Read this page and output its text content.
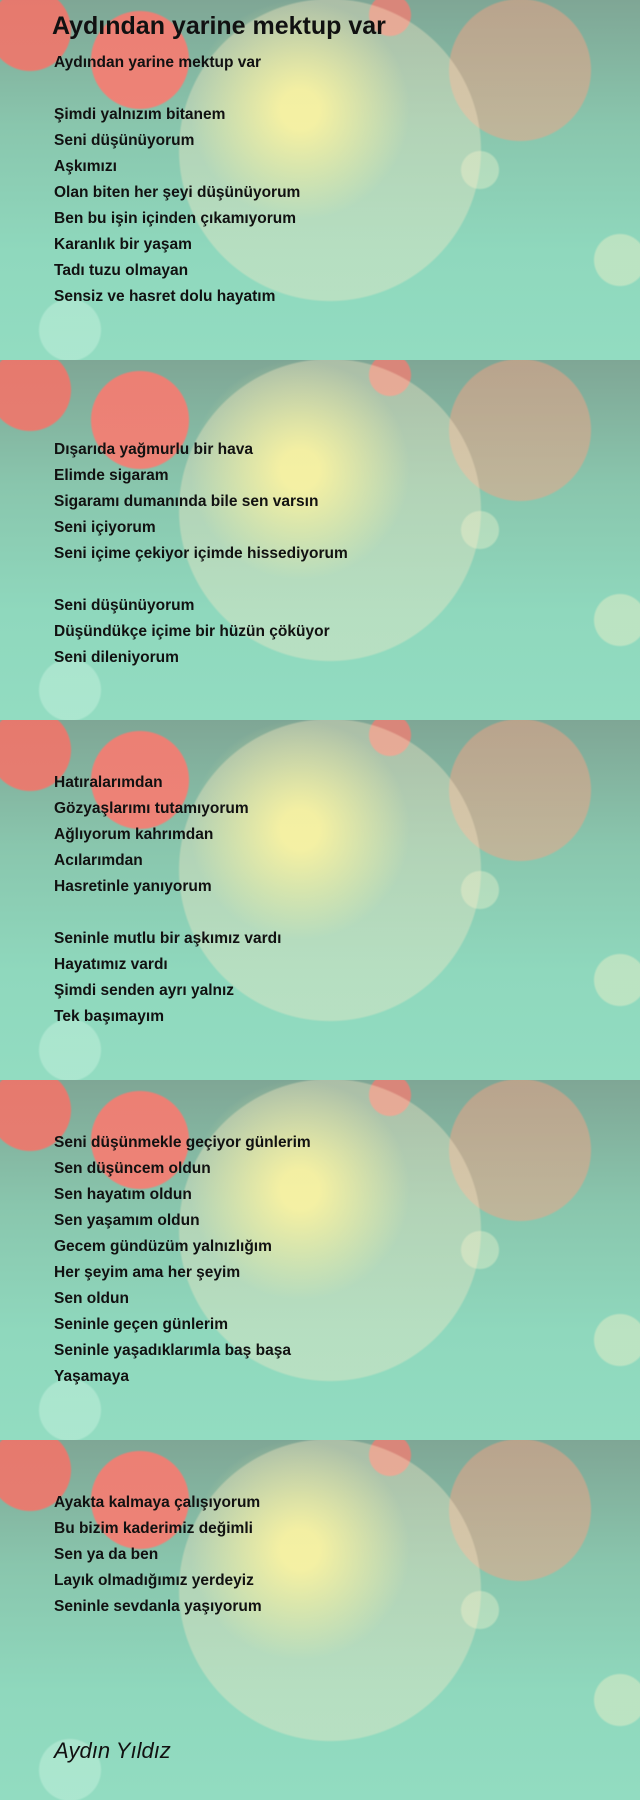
Aydından yarine mektup var
Aydından yarine mektup var
Şimdi yalnızım bitanem
Seni düşünüyorum
Aşkımızı
Olan biten her şeyi düşünüyorum
Ben bu işin içinden çıkamıyorum
Karanlık bir yaşam
Tadı tuzu olmayan
Sensiz ve hasret dolu hayatım
Dışarıda yağmurlu bir hava
Elimde sigaram
Sigaramı dumanında bile sen varsın
Seni içiyorum
Seni içime çekiyor içimde hissediyorum
Seni düşünüyorum
Düşündükçe içime bir hüzün çöküyor
Seni dileniyorum
Hatıralarımdan
Gözyaşlarımı tutamıyorum
Ağlıyorum kahrımdan
Acılarımdan
Hasretinle yanıyorum
Seninle mutlu bir aşkımız vardı
Hayatımız vardı
Şimdi senden ayrı yalnız
Tek başımayım
Seni düşünmekle geçiyor günlerim
Sen düşüncem oldun
Sen hayatım oldun
Sen yaşamım oldun
Gecem gündüzüm yalnızlığım
Her şeyim ama her şeyim
Sen oldun
Seninle geçen günlerim
Seninle yaşadıklarımla baş başa
Yaşamaya
Ayakta kalmaya çalışıyorum
Bu bizim kaderimiz değimli
Sen ya da ben
Layık olmadığımız yerdeyiz
Seninle sevdanla yaşıyorum
Aydın Yıldız
